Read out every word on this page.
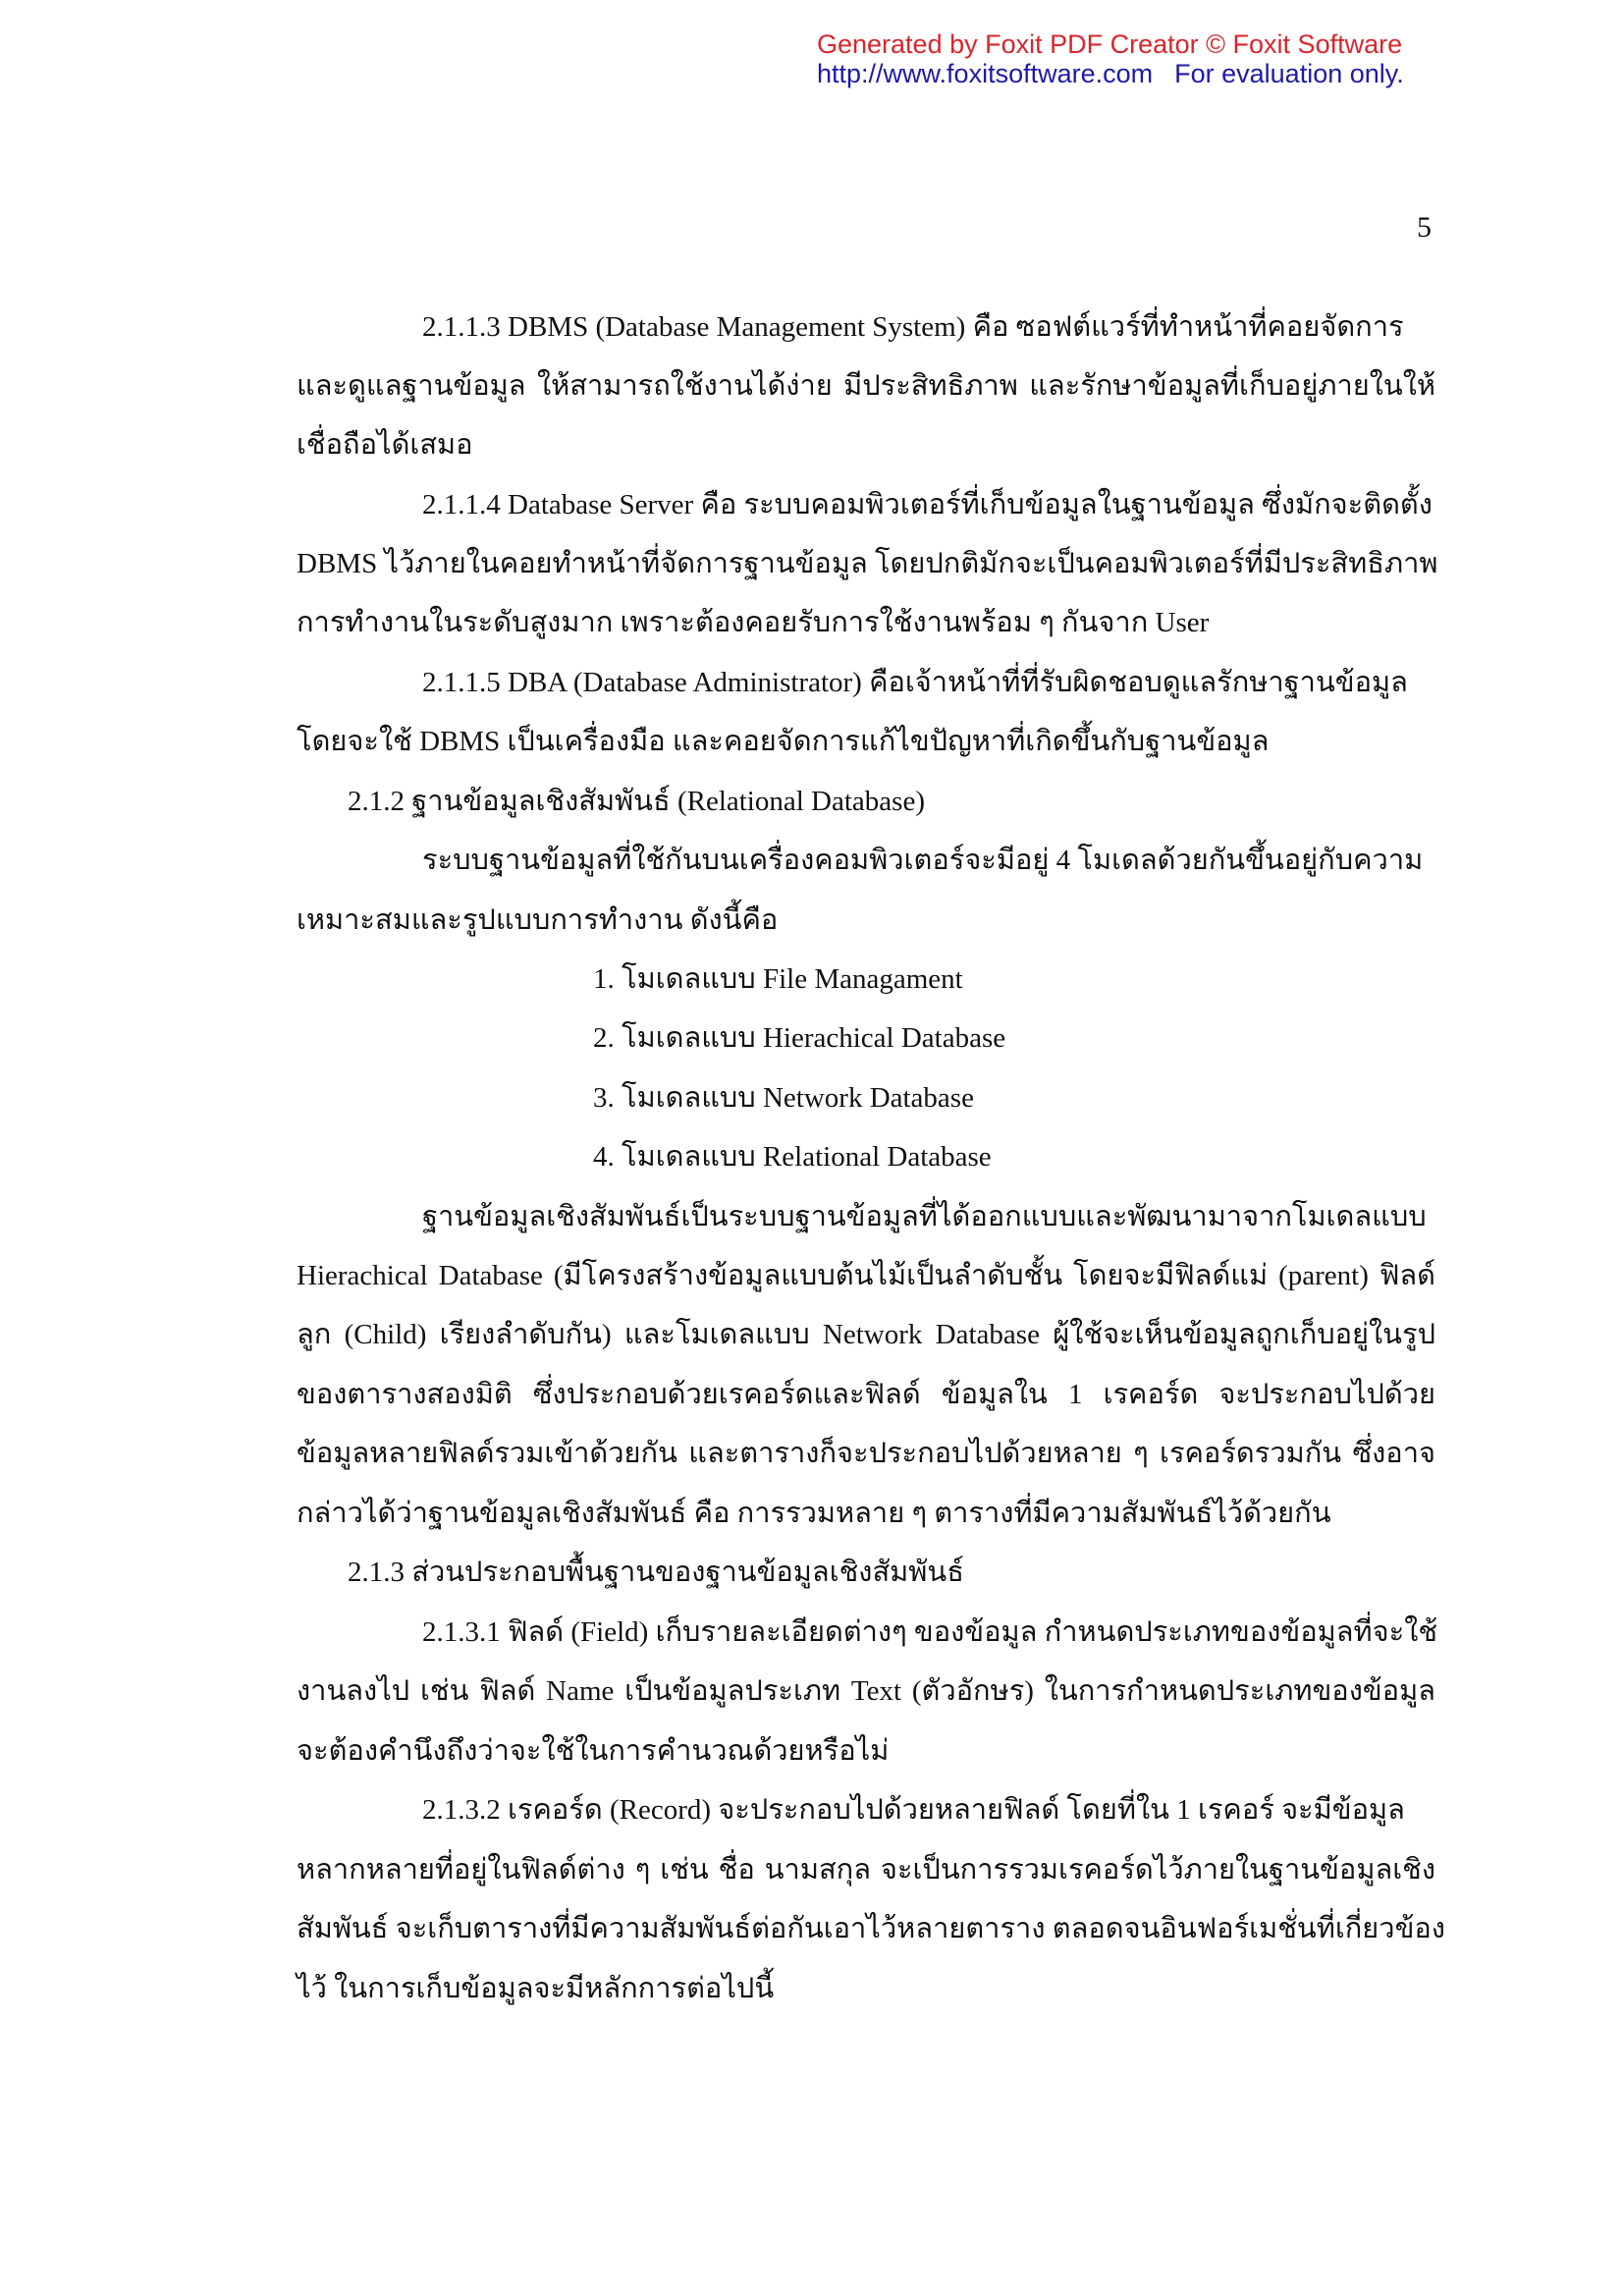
Generated by Foxit PDF Creator © Foxit Software
http://www.foxitsoftware.com For evaluation only.
5
2.1.1.3 DBMS (Database Management System) คือ ซอฟต์แวร์ที่ทำหน้าที่คอยจัดการ
และดูแลฐานข้อมูล ให้สามารถใช้งานได้ง่าย มีประสิทธิภาพ และรักษาข้อมูลที่เก็บอยู่ภายในให้
เชื่อถือได้เสมอ
2.1.1.4 Database Server คือ ระบบคอมพิวเตอร์ที่เก็บข้อมูลในฐานข้อมูล ซึ่งมักจะติดตั้ง
DBMS ไว้ภายในคอยทำหน้าที่จัดการฐานข้อมูล โดยปกติมักจะเป็นคอมพิวเตอร์ที่มีประสิทธิภาพ
การทำงานในระดับสูงมาก เพราะต้องคอยรับการใช้งานพร้อม ๆ กันจาก User
2.1.1.5 DBA (Database Administrator) คือเจ้าหน้าที่ที่รับผิดชอบดูแลรักษาฐานข้อมูล
โดยจะใช้ DBMS เป็นเครื่องมือ และคอยจัดการแก้ไขปัญหาที่เกิดขึ้นกับฐานข้อมูล
2.1.2 ฐานข้อมูลเชิงสัมพันธ์ (Relational Database)
ระบบฐานข้อมูลที่ใช้กันบนเครื่องคอมพิวเตอร์จะมีอยู่ 4 โมเดลด้วยกันขึ้นอยู่กับความ
เหมาะสมและรูปแบบการทำงาน ดังนี้คือ
1. โมเดลแบบ File Managament
2. โมเดลแบบ Hierachical Database
3. โมเดลแบบ Network Database
4. โมเดลแบบ Relational Database
ฐานข้อมูลเชิงสัมพันธ์เป็นระบบฐานข้อมูลที่ได้ออกแบบและพัฒนามาจากโมเดลแบบ
Hierachical Database (มีโครงสร้างข้อมูลแบบต้นไม้เป็นลำดับชั้น โดยจะมีฟิลด์แม่ (parent) ฟิลด์
ลูก (Child) เรียงลำดับกัน) และโมเดลแบบ Network Database ผู้ใช้จะเห็นข้อมูลถูกเก็บอยู่ในรูป
ของตารางสองมิติ ซึ่งประกอบด้วยเรคอร์ดและฟิลด์ ข้อมูลใน 1 เรคอร์ด จะประกอบไปด้วย
ข้อมูลหลายฟิลด์รวมเข้าด้วยกัน และตารางก็จะประกอบไปด้วยหลาย ๆ เรคอร์ดรวมกัน ซึ่งอาจ
กล่าวได้ว่าฐานข้อมูลเชิงสัมพันธ์ คือ การรวมหลาย ๆ ตารางที่มีความสัมพันธ์ไว้ด้วยกัน
2.1.3 ส่วนประกอบพื้นฐานของฐานข้อมูลเชิงสัมพันธ์
2.1.3.1 ฟิลด์ (Field) เก็บรายละเอียดต่างๆ ของข้อมูล กำหนดประเภทของข้อมูลที่จะใช้
งานลงไป เช่น ฟิลด์ Name เป็นข้อมูลประเภท Text (ตัวอักษร) ในการกำหนดประเภทของข้อมูล
จะต้องคำนึงถึงว่าจะใช้ในการคำนวณด้วยหรือไม่
2.1.3.2 เรคอร์ด (Record) จะประกอบไปด้วยหลายฟิลด์ โดยที่ใน 1 เรคอร์ จะมีข้อมูล
หลากหลายที่อยู่ในฟิลด์ต่าง ๆ เช่น ชื่อ นามสกุล จะเป็นการรวมเรคอร์ดไว้ภายในฐานข้อมูลเชิง
สัมพันธ์ จะเก็บตารางที่มีความสัมพันธ์ต่อกันเอาไว้หลายตาราง ตลอดจนอินฟอร์เมชั่นที่เกี่ยวข้อง
ไว้ ในการเก็บข้อมูลจะมีหลักการต่อไปนี้
